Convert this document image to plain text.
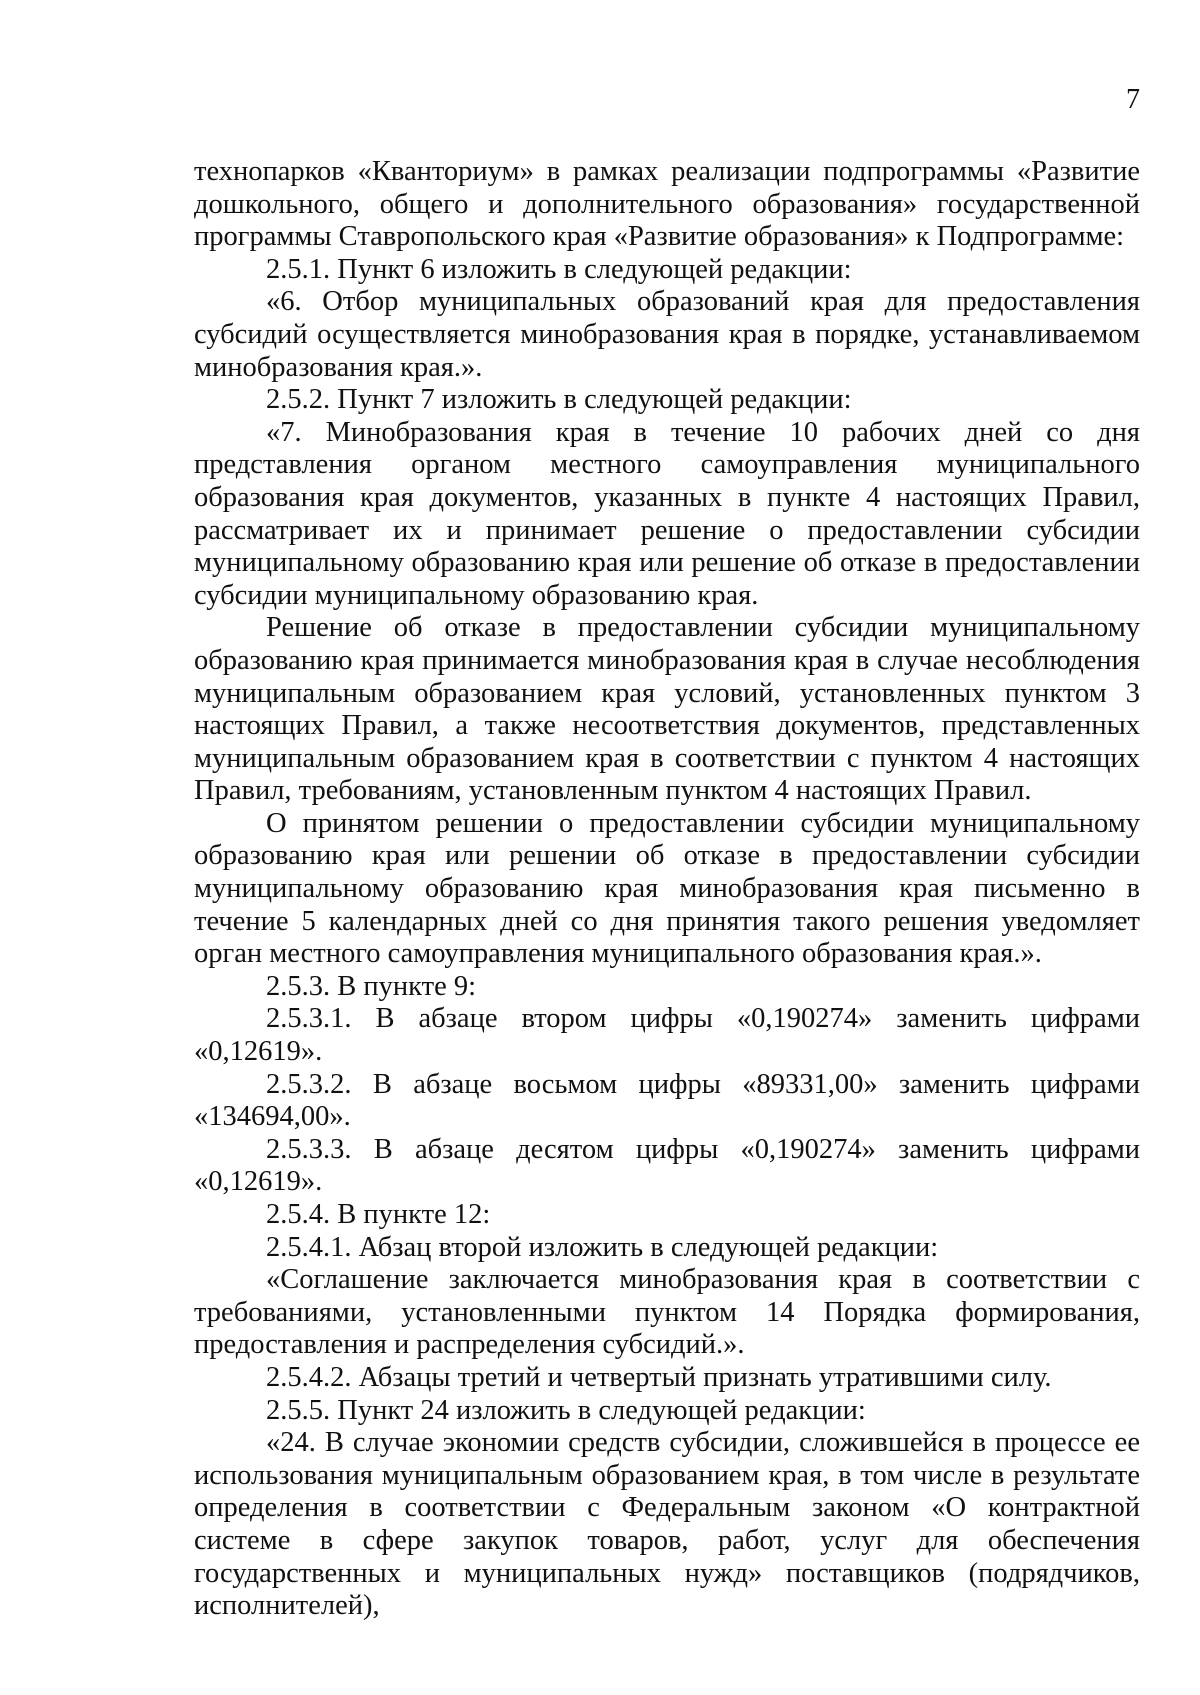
7

технопарков «Кванториум» в рамках реализации подпрограммы «Развитие дошкольного, общего и дополнительного образования» государственной программы Ставропольского края «Развитие образования» к Подпрограмме:

2.5.1. Пункт 6 изложить в следующей редакции:

«6. Отбор муниципальных образований края для предоставления субсидий осуществляется минобразования края в порядке, устанавливаемом минобразования края.».

2.5.2. Пункт 7 изложить в следующей редакции:

«7. Минобразования края в течение 10 рабочих дней со дня представления органом местного самоуправления муниципального образования края документов, указанных в пункте 4 настоящих Правил, рассматривает их и принимает решение о предоставлении субсидии муниципальному образованию края или решение об отказе в предоставлении субсидии муниципальному образованию края.

Решение об отказе в предоставлении субсидии муниципальному образованию края принимается минобразования края в случае несоблюдения муниципальным образованием края условий, установленных пунктом 3 настоящих Правил, а также несоответствия документов, представленных муниципальным образованием края в соответствии с пунктом 4 настоящих Правил, требованиям, установленным пунктом 4 настоящих Правил.

О принятом решении о предоставлении субсидии муниципальному образованию края или решении об отказе в предоставлении субсидии муниципальному образованию края минобразования края письменно в течение 5 календарных дней со дня принятия такого решения уведомляет орган местного самоуправления муниципального образования края.».

2.5.3. В пункте 9:

2.5.3.1. В абзаце втором цифры «0,190274» заменить цифрами «0,12619».

2.5.3.2. В абзаце восьмом цифры «89331,00» заменить цифрами «134694,00».

2.5.3.3. В абзаце десятом цифры «0,190274» заменить цифрами «0,12619».

2.5.4. В пункте 12:

2.5.4.1. Абзац второй изложить в следующей редакции:

«Соглашение заключается минобразования края в соответствии с требованиями, установленными пунктом 14 Порядка формирования, предоставления и распределения субсидий.».

2.5.4.2. Абзацы третий и четвертый признать утратившими силу.

2.5.5. Пункт 24 изложить в следующей редакции:

«24. В случае экономии средств субсидии, сложившейся в процессе ее использования муниципальным образованием края, в том числе в результате определения в соответствии с Федеральным законом «О контрактной системе в сфере закупок товаров, работ, услуг для обеспечения государственных и муниципальных нужд» поставщиков (подрядчиков, исполнителей),
